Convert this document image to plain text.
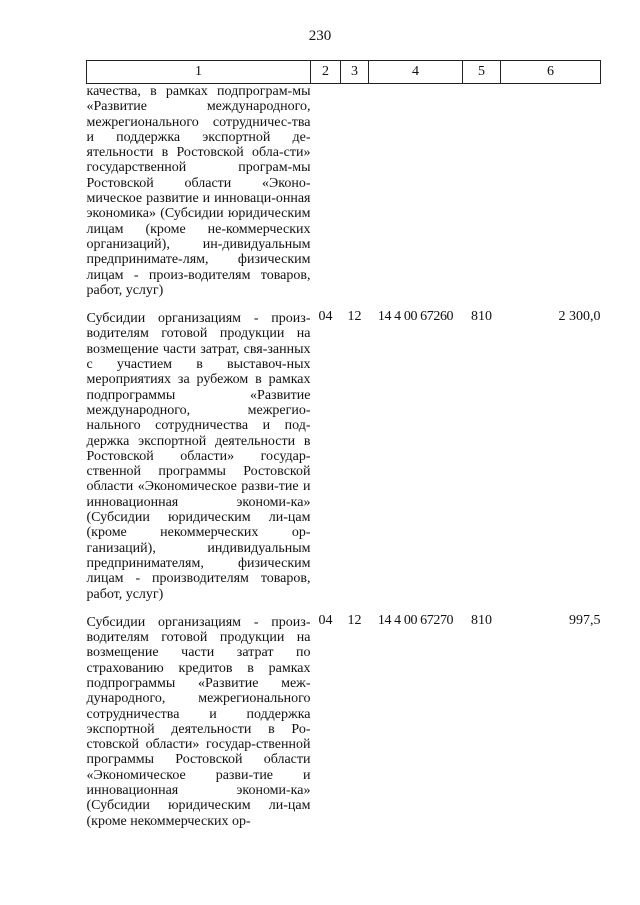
230
1	2	3	4	5	6
качества, в рамках подпрограм-мы «Развитие международного, межрегионального сотрудничес-тва и поддержка экспортной де-ятельности в Ростовской обла-сти» государственной програм-мы Ростовской области «Эконо-мическое развитие и инноваци-онная экономика» (Субсидии юридическим лицам (кроме не-коммерческих организаций), ин-дивидуальным предпринимате-лям, физическим лицам - произ-водителям товаров, работ, услуг)					
Субсидии организациям - произ-водителям готовой продукции на возмещение части затрат, свя-занных с участием в выставоч-ных мероприятиях за рубежом в рамках подпрограммы «Развитие международного, межрегио-нального сотрудничества и под-держка экспортной деятельности в Ростовской области» государ-ственной программы Ростовской области «Экономическое разви-тие и инновационная экономи-ка» (Субсидии юридическим ли-цам (кроме некоммерческих ор-ганизаций), индивидуальным предпринимателям, физическим лицам - производителям товаров, работ, услуг)	04	12	14 4 00 67260	810	2 300,0
Субсидии организациям - произ-водителям готовой продукции на возмещение части затрат по страхованию кредитов в рамках подпрограммы «Развитие меж-дународного, межрегионального сотрудничества и поддержка экспортной деятельности в Ро-стовской области» государ-ственной программы Ростовской области «Экономическое разви-тие и инновационная экономи-ка» (Субсидии юридическим ли-цам (кроме некоммерческих ор-	04	12	14 4 00 67270	810	997,5
